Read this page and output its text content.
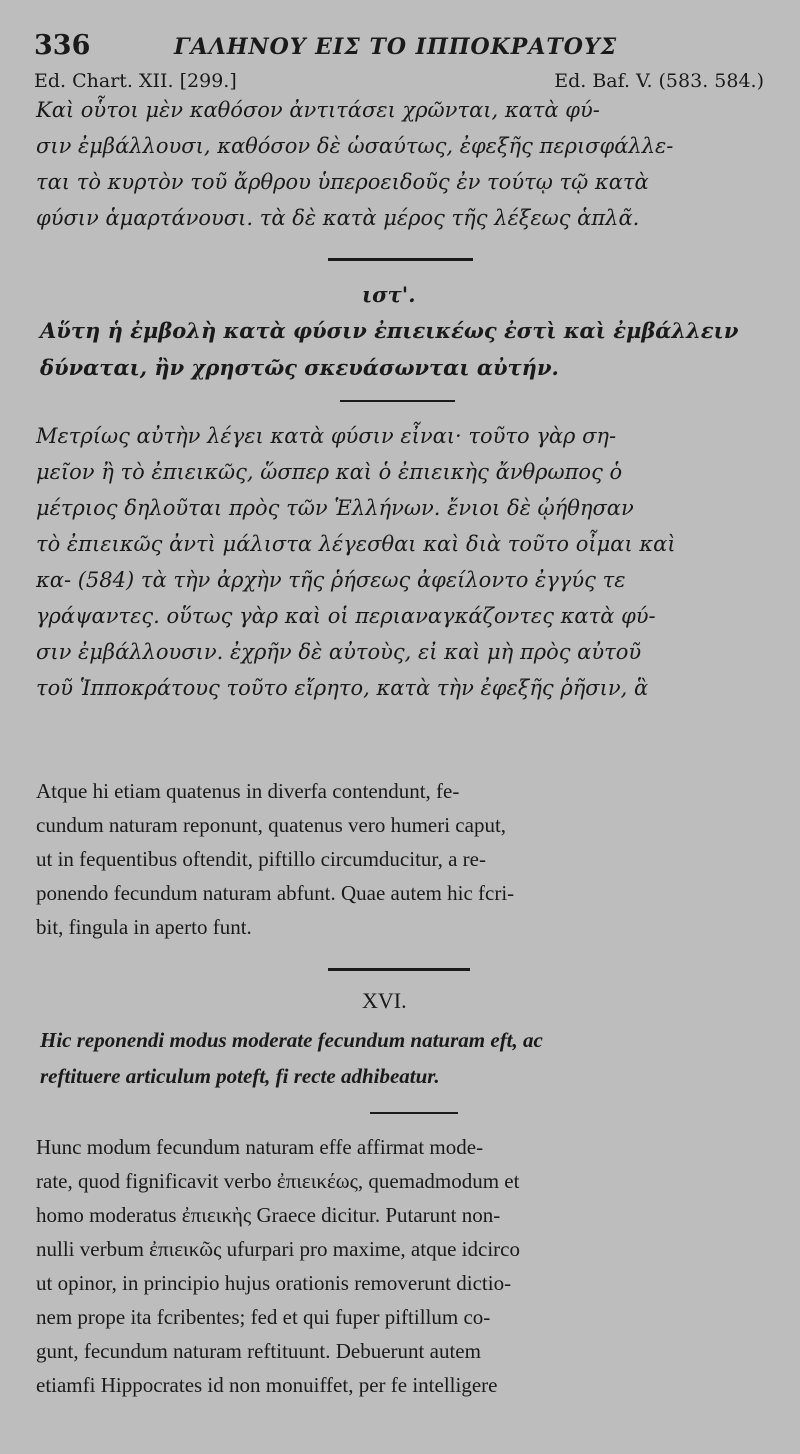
336	ΓΑΛΗΝΟΥ ΕΙΣ ΤΟ ΙΠΠΟΚΡΑΤΟΥΣ
Ed. Chart. XII. [299.]	Ed. Baf. V. (583. 584.)
Καὶ οὗτοι μὲν καθόσον ἀντιτάσει χρῶνται, κατὰ φύ-
σιν ἐμβάλλουσι, καθόσον δὲ ὡσαύτως, ἐφεξῆς περισφάλλε-
ται τὸ κυρτὸν τοῦ ἄρθρου ὑπεροειδοῦς ἐν τούτῳ τῷ κατὰ
φύσιν ἁμαρτάνουσι. τὰ δὲ κατὰ μέρος τῆς λέξεως ἁπλᾶ.
ιστ'.
Αὕτη ἡ ἐμβολὴ κατὰ φύσιν ἐπιεικέως ἐστὶ καὶ ἐμβάλλειν
δύναται, ἢν χρηστῶς σκευάσωνται αὐτήν.
Μετρίως αὐτὴν λέγει κατὰ φύσιν εἶναι· τοῦτο γὰρ ση-
μεῖον ἢ τὸ ἐπιεικῶς, ὥσπερ καὶ ὁ ἐπιεικὴς ἄνθρωπος ὁ
μέτριος δηλοῦται πρὸς τῶν Ἑλλήνων. ἔνιοι δὲ ᾠήθησαν
τὸ ἐπιεικῶς ἀντὶ μάλιστα λέγεσθαι καὶ διὰ τοῦτο οἶμαι καὶ
κα- (584) τὰ τὴν ἀρχὴν τῆς ῥήσεως ἀφείλοντο ἐγγύς τε
γράψαντες. οὕτως γὰρ καὶ οἱ περιαναγκάζοντες κατὰ φύ-
σιν ἐμβάλλουσιν. ἐχρῆν δὲ αὐτοὺς, εἰ καὶ μὴ πρὸς αὐτοῦ
τοῦ Ἱπποκράτους τοῦτο εἴρητο, κατὰ τὴν ἐφεξῆς ῥῆσιν, ἃ
Atque hi etiam quatenus in diverfa contendunt, fe-
cundum naturam reponunt, quatenus vero humeri caput,
ut in fequentibus oftendit, piftillo circumducitur, a re-
ponendo fecundum naturam abfunt. Quae autem hic fcri-
bit, fingula in aperto funt.
XVI.
Hic reponendi modus moderate fecundum naturam eft, ac
reftituere articulum poteft, fi recte adhibeatur.
Hunc modum fecundum naturam effe affirmat mode-
rate, quod fignificavit verbo ἐπιεικέως, quemadmodum et
homo moderatus ἐπιεικὴς Graece dicitur. Putarunt non-
nulli verbum ἐπιεικῶς ufurpari pro maxime, atque idcirco
ut opinor, in principio hujus orationis removerunt dictio-
nem prope ita fcribentes; fed et qui fuper piftillum co-
gunt, fecundum naturam reftituunt. Debuerunt autem
etiamfi Hippocrates id non monuiffet, per fe intelligere
